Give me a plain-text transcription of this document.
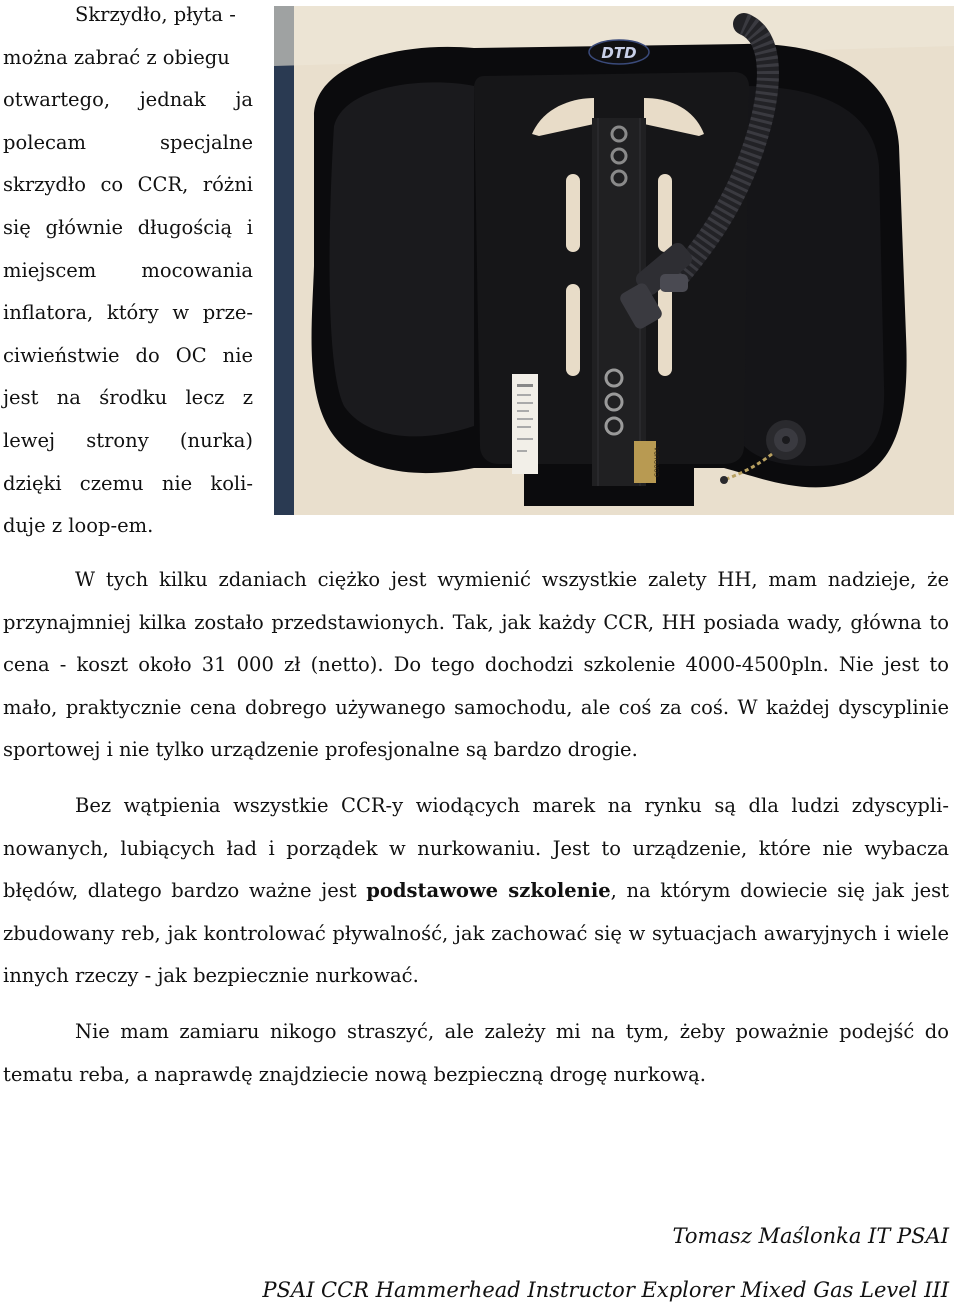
Skrzydło, płyta -
można zabrać z obiegu
otwartego, jednak ja
polecam specjalne
skrzydło co CCR, różni
się głównie długością i
miejscem mocowania
inflatora, który w prze-
ciwieństwie do OC nie
jest na środku lecz z
lewej strony (nurka)
dzięki czemu nie koli-
duje z loop-em.
DTD
CORDURA

W tych kilku zdaniach ciężko jest wymienić wszystkie zalety HH, mam nadzieje, że przynajmniej kilka zostało przedstawionych. Tak, jak każdy CCR, HH posiada wady, główna to cena - koszt około 31 000 zł (netto). Do tego dochodzi szkolenie 4000-4500pln. Nie jest to mało, praktycznie cena dobrego używanego samochodu, ale coś za coś. W każdej dyscyplinie sportowej i nie tylko urządzenie profesjonalne są bardzo drogie.

Bez wątpienia wszystkie CCR-y wiodących marek na rynku są dla ludzi zdyscyplinowanych, lubiących ład i porządek w nurkowaniu. Jest to urządzenie, które nie wybacza błędów, dlatego bardzo ważne jest podstawowe szkolenie, na którym dowiecie się jak jest zbudowany reb, jak kontrolować pływalność, jak zachować się w sytuacjach awaryjnych i wiele innych rzeczy - jak bezpiecznie nurkować.

Nie mam zamiaru nikogo straszyć, ale zależy mi na tym, żeby poważnie podejść do tematu reba, a naprawdę znajdziecie nową bezpieczną drogę nurkową.

Tomasz Maślonka IT PSAI
PSAI CCR Hammerhead Instructor Explorer Mixed Gas Level III
